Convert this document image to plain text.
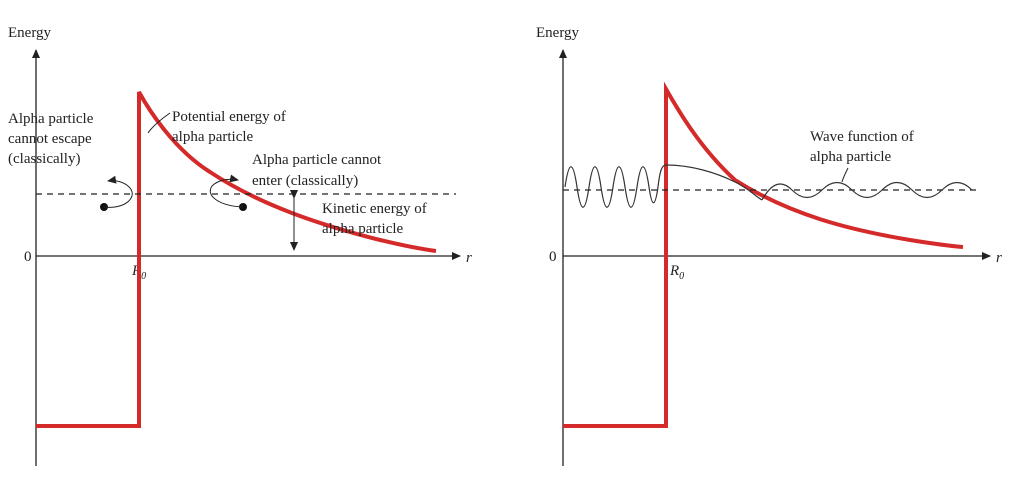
Energy
r
0
$R_0$
Alpha particle cannot escape (classically)
Potential energy of alpha particle
Alpha particle cannot enter (classically)
Kinetic energy of alpha particle
Energy
r
0
$R_0$
Wave function of alpha particle
